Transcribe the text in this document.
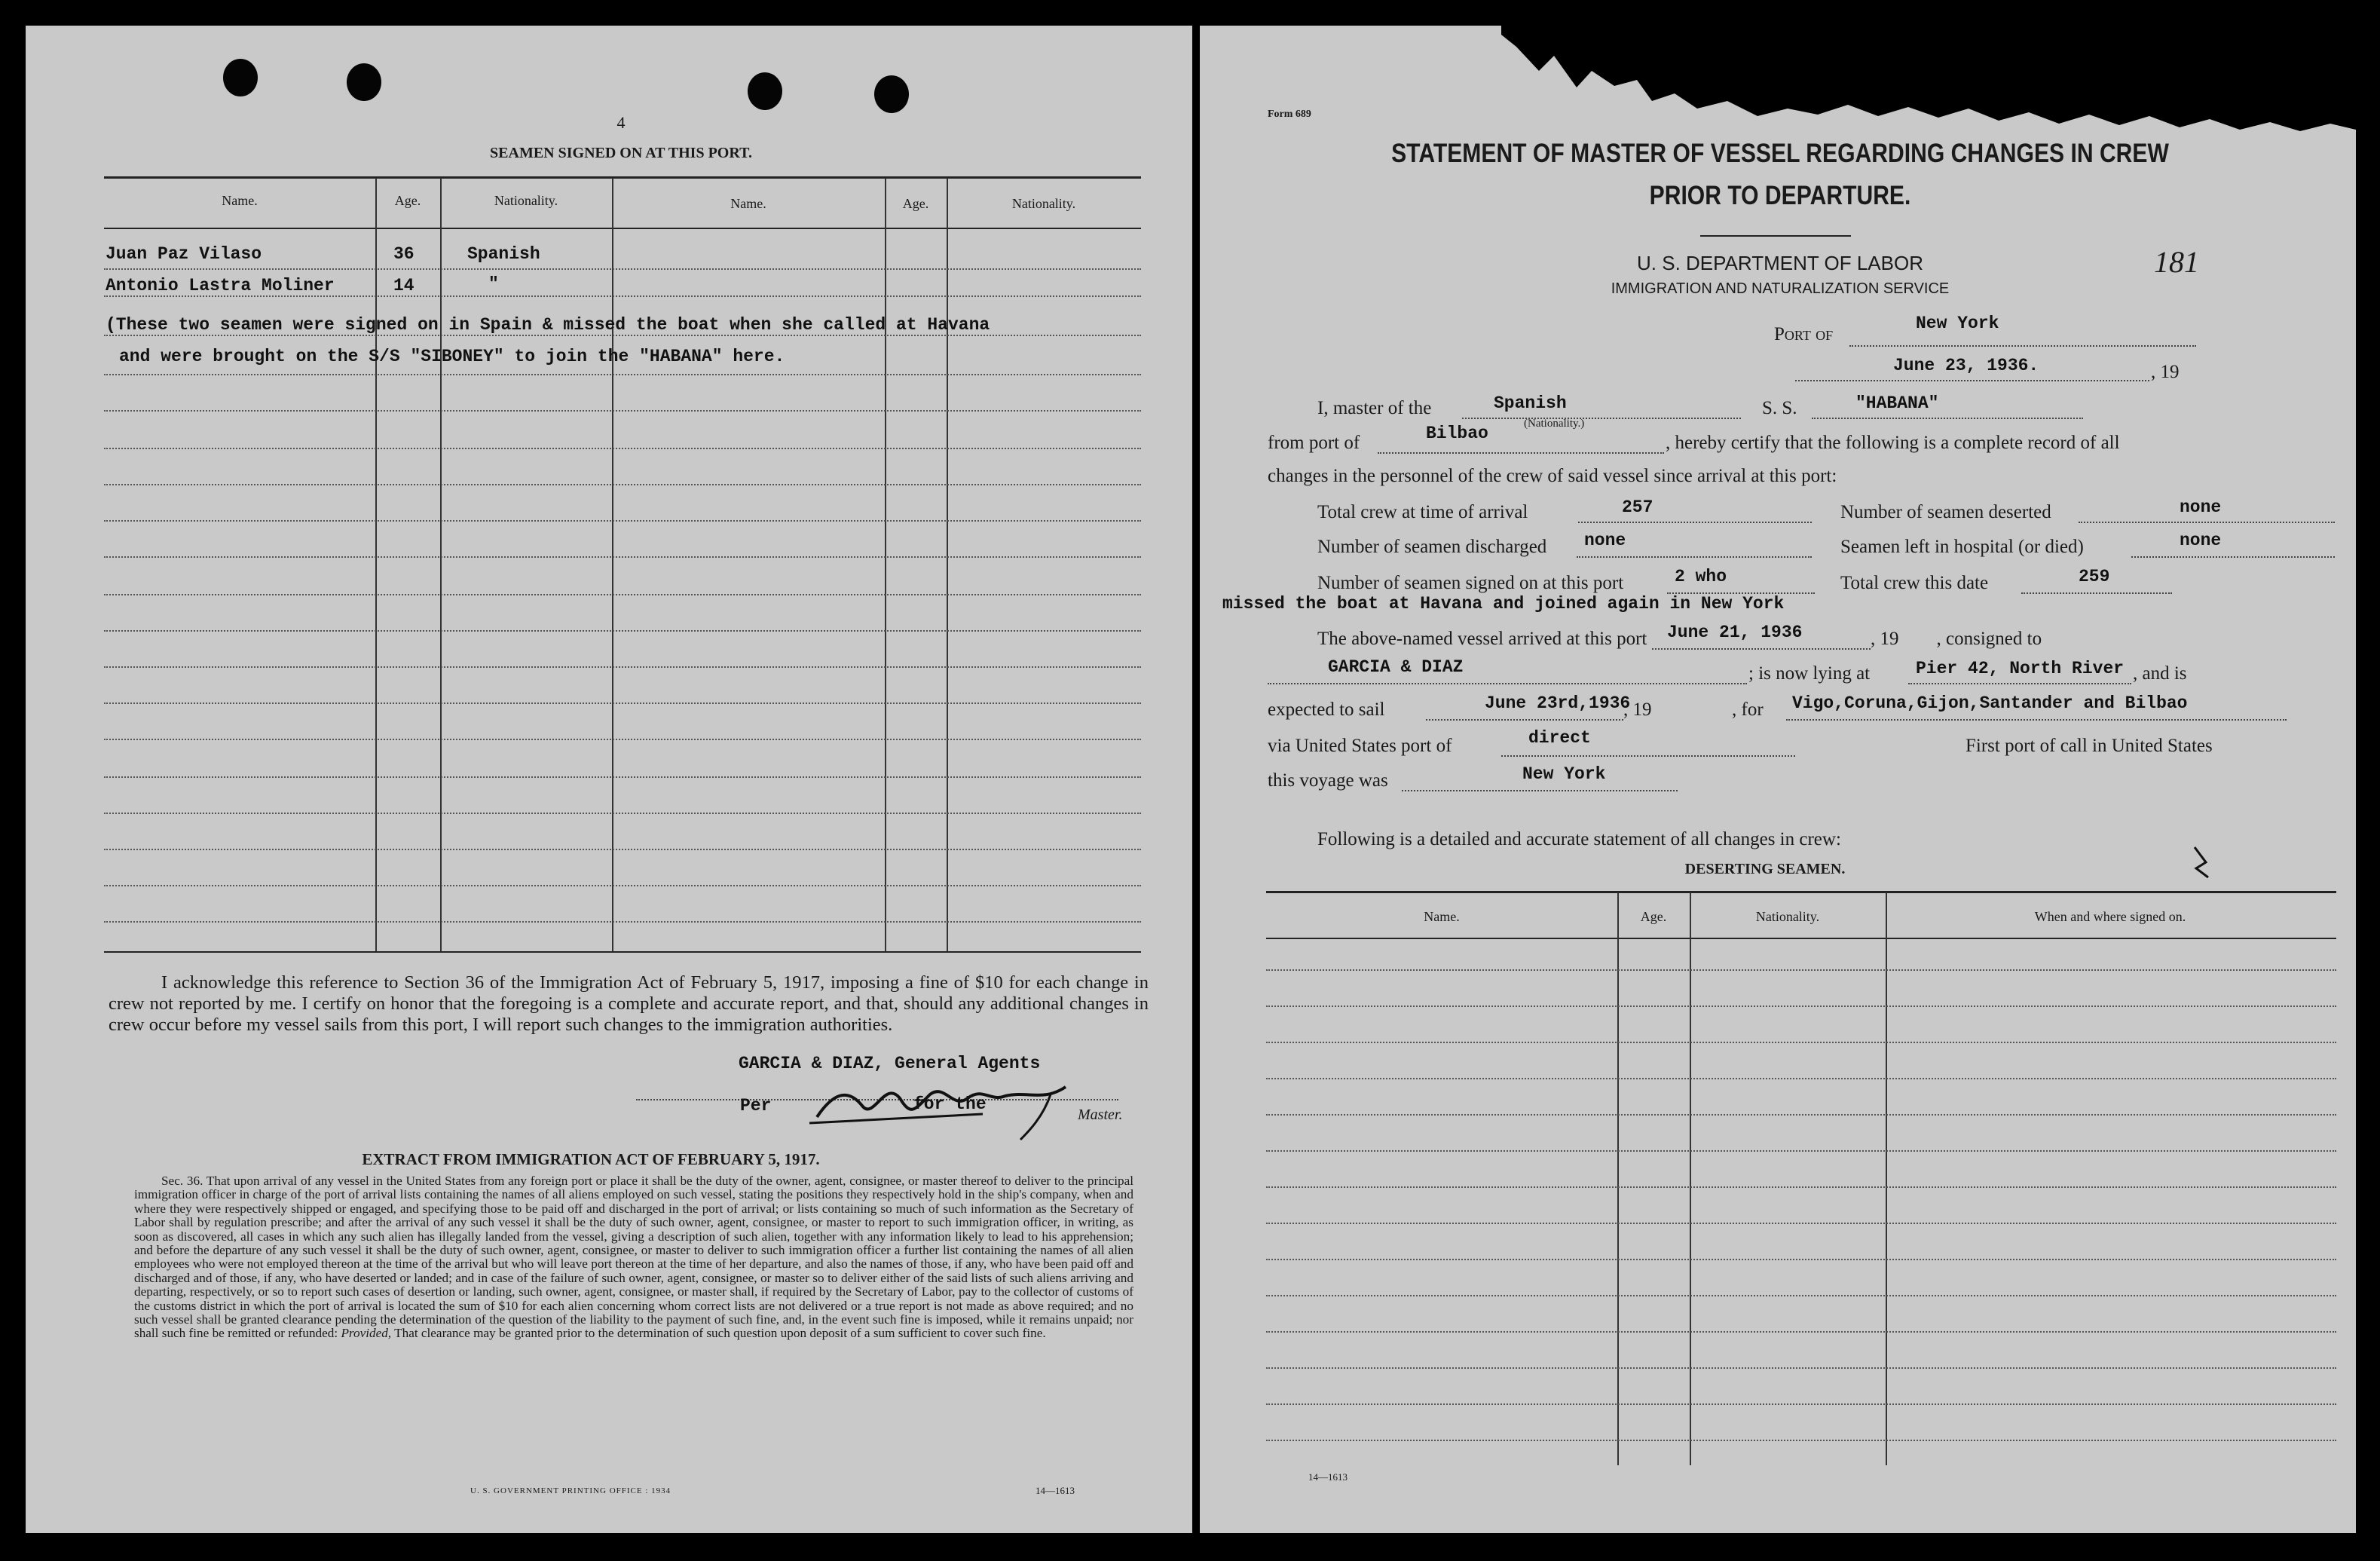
4
SEAMEN SIGNED ON AT THIS PORT.
Name.	Age.	Nationality.	Name.	Age.	Nationality.
Juan Paz Vilaso	36	Spanish
Antonio Lastra Moliner	14	"
(These two seamen were signed on in Spain & missed the boat when she called at Havana
and were brought on the S/S "SIBONEY" to join the "HABANA" here.
I acknowledge this reference to Section 36 of the Immigration Act of February 5, 1917, imposing a fine of $10 for each change in crew not reported by me. I certify on honor that the foregoing is a complete and accurate report, and that, should any additional changes in crew occur before my vessel sails from this port, I will report such changes to the immigration authorities.
GARCIA & DIAZ, General Agents
Per	for the
Master.
EXTRACT FROM IMMIGRATION ACT OF FEBRUARY 5, 1917.
Sec. 36. That upon arrival of any vessel in the United States from any foreign port or place it shall be the duty of the owner, agent, consignee, or master thereof to deliver to the principal immigration officer in charge of the port of arrival lists containing the names of all aliens employed on such vessel, stating the positions they respectively hold in the ship's company, when and where they were respectively shipped or engaged, and specifying those to be paid off and discharged in the port of arrival; or lists containing so much of such information as the Secretary of Labor shall by regulation prescribe; and after the arrival of any such vessel it shall be the duty of such owner, agent, consignee, or master to report to such immigration officer, in writing, as soon as discovered, all cases in which any such alien has illegally landed from the vessel, giving a description of such alien, together with any information likely to lead to his apprehension; and before the departure of any such vessel it shall be the duty of such owner, agent, consignee, or master to deliver to such immigration officer a further list containing the names of all alien employees who were not employed thereon at the time of the arrival but who will leave port thereon at the time of her departure, and also the names of those, if any, who have been paid off and discharged and of those, if any, who have deserted or landed; and in case of the failure of such owner, agent, consignee, or master so to deliver either of the said lists of such aliens arriving and departing, respectively, or so to report such cases of desertion or landing, such owner, agent, consignee, or master shall, if required by the Secretary of Labor, pay to the collector of customs of the customs district in which the port of arrival is located the sum of $10 for each alien concerning whom correct lists are not delivered or a true report is not made as above required; and no such vessel shall be granted clearance pending the determination of the question of the liability to the payment of such fine, and, in the event such fine is imposed, while it remains unpaid; nor shall such fine be remitted or refunded: Provided, That clearance may be granted prior to the determination of such question upon deposit of a sum sufficient to cover such fine.
U. S. GOVERNMENT PRINTING OFFICE : 1934	14—1613
Form 689
STATEMENT OF MASTER OF VESSEL REGARDING CHANGES IN CREW
PRIOR TO DEPARTURE.
U. S. DEPARTMENT OF LABOR
IMMIGRATION AND NATURALIZATION SERVICE
181
Port of
New York
June 23, 1936.	, 19
I, master of the	Spanish
(Nationality.)
S. S.	"HABANA"
from port of	Bilbao	, hereby certify that the following is a complete record of all
changes in the personnel of the crew of said vessel since arrival at this port:
Total crew at time of arrival	257	Number of seamen deserted	none
Number of seamen discharged none	Seamen left in hospital (or died)	none
Number of seamen signed on at this port	2 who	Total crew this date	259
missed the boat at Havana and joined again in New York
The above-named vessel arrived at this port June 21, 1936	, 19        , consigned to
GARCIA & DIAZ	; is now lying at	Pier 42, North River , and is
expected to sail	June 23rd,1936
, 19	, for Vigo,Coruna,Gijon,Santander and Bilbao
via United States port of	direct	First port of call in United States
this voyage was	New York
Following is a detailed and accurate statement of all changes in crew:
DESERTING SEAMEN.
Name.	Age.	Nationality.	When and where signed on.
14—1613
